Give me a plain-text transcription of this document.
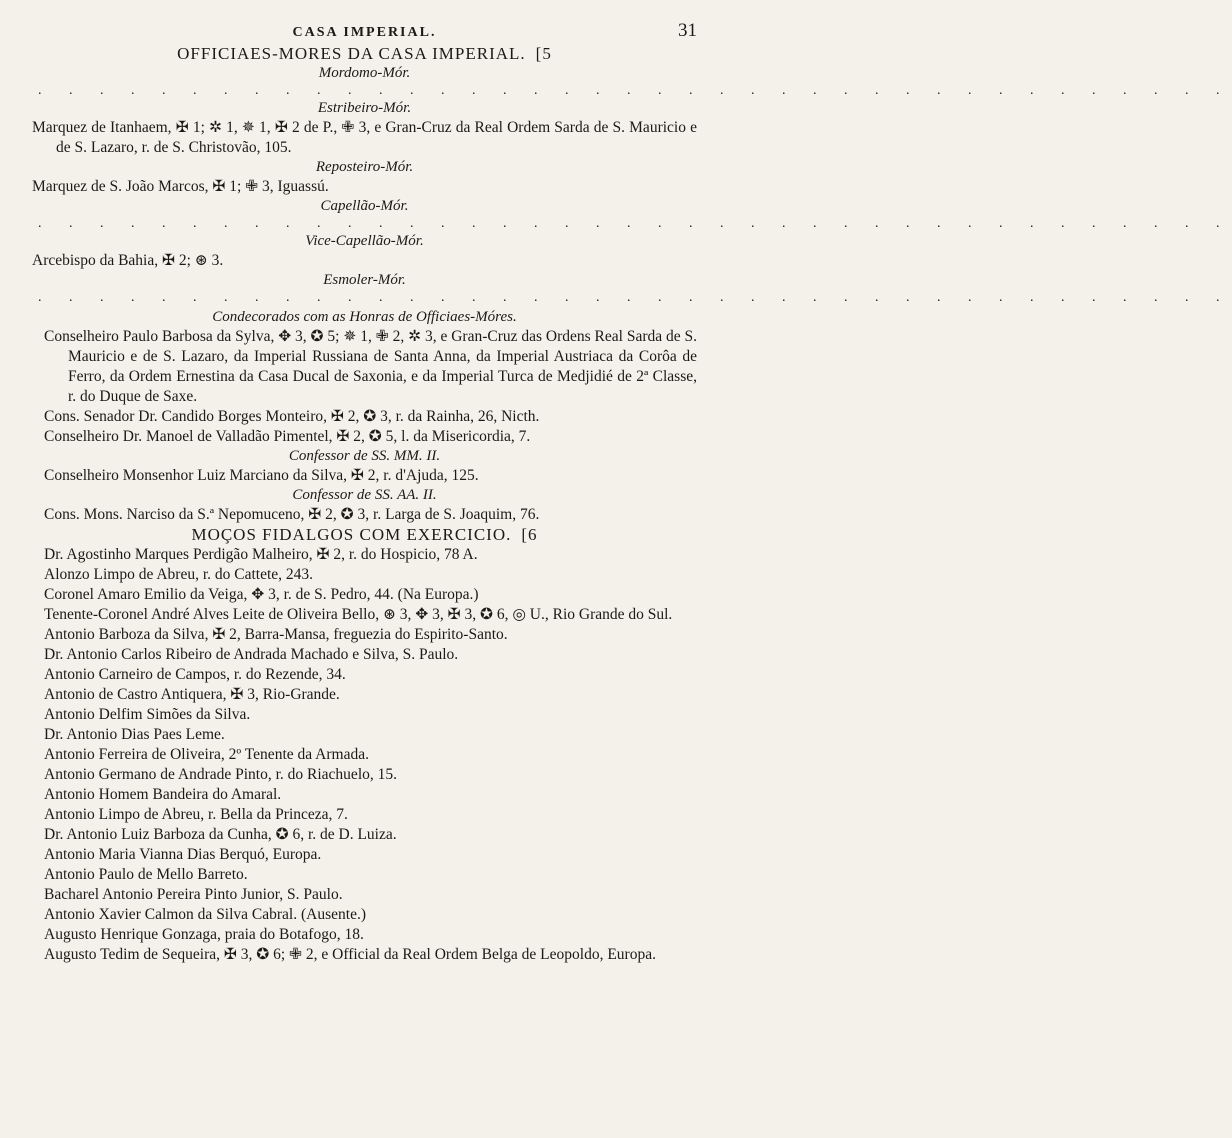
CASA IMPERIAL.	31
OFFICIAES-MORES DA CASA IMPERIAL. [5
Mordomo-Mór.
. . . . . . . . . . . . . . . . . . . . . . . . . . . . . . . . . . . . . . .
Estribeiro-Mór.

Marquez de Itanhaem, ✠ 1; ✲ 1, ✵ 1, ✠ 2 de P., ✙ 3, e Gran-Cruz da Real Ordem Sarda de S. Mauricio e de S. Lazaro, r. de S. Christovão, 105.

Reposteiro-Mór.

Marquez de S. João Marcos, ✠ 1; ✙ 3, Iguassú.

Capellão-Mór.
. . . . . . . . . . . . . . . . . . . . . . . . . . . . . . . . . . . . . . .
Vice-Capellão-Mór.

Arcebispo da Bahia, ✠ 2; ⊛ 3.

Esmoler-Mór.
. . . . . . . . . . . . . . . . . . . . . . . . . . . . . . . . . . . . . . .
Condecorados com as Honras de Officiaes-Móres.

Conselheiro Paulo Barbosa da Sylva, ✥ 3, ✪ 5; ✵ 1, ✙ 2, ✲ 3, e Gran-Cruz das Ordens Real Sarda de S. Mauricio e de S. Lazaro, da Imperial Russiana de Santa Anna, da Imperial Austriaca da Corôa de Ferro, da Ordem Ernestina da Casa Ducal de Saxonia, e da Imperial Turca de Medjidié de 2ª Classe, r. do Duque de Saxe.

Cons. Senador Dr. Candido Borges Monteiro, ✠ 2, ✪ 3, r. da Rainha, 26, Nicth.

Conselheiro Dr. Manoel de Valladão Pimentel, ✠ 2, ✪ 5, l. da Misericordia, 7.

Confessor de SS. MM. II.

Conselheiro Monsenhor Luiz Marciano da Silva, ✠ 2, r. d'Ajuda, 125.

Confessor de SS. AA. II.

Cons. Mons. Narciso da S.ª Nepomuceno, ✠ 2, ✪ 3, r. Larga de S. Joaquim, 76.

MOÇOS FIDALGOS COM EXERCICIO. [6

Dr. Agostinho Marques Perdigão Malheiro, ✠ 2, r. do Hospicio, 78 A.

Alonzo Limpo de Abreu, r. do Cattete, 243.

Coronel Amaro Emilio da Veiga, ✥ 3, r. de S. Pedro, 44. (Na Europa.)

Tenente-Coronel André Alves Leite de Oliveira Bello, ⊛ 3, ✥ 3, ✠ 3, ✪ 6, ◎ U., Rio Grande do Sul.

Antonio Barboza da Silva, ✠ 2, Barra-Mansa, freguezia do Espirito-Santo.

Dr. Antonio Carlos Ribeiro de Andrada Machado e Silva, S. Paulo.

Antonio Carneiro de Campos, r. do Rezende, 34.

Antonio de Castro Antiquera, ✠ 3, Rio-Grande.

Antonio Delfim Simões da Silva.

Dr. Antonio Dias Paes Leme.

Antonio Ferreira de Oliveira, 2º Tenente da Armada.

Antonio Germano de Andrade Pinto, r. do Riachuelo, 15.

Antonio Homem Bandeira do Amaral.

Antonio Limpo de Abreu, r. Bella da Princeza, 7.

Dr. Antonio Luiz Barboza da Cunha, ✪ 6, r. de D. Luiza.

Antonio Maria Vianna Dias Berquó, Europa.

Antonio Paulo de Mello Barreto.

Bacharel Antonio Pereira Pinto Junior, S. Paulo.

Antonio Xavier Calmon da Silva Cabral. (Ausente.)

Augusto Henrique Gonzaga, praia do Botafogo, 18.

Augusto Tedim de Sequeira, ✠ 3, ✪ 6; ✙ 2, e Official da Real Ordem Belga de Leopoldo, Europa.
